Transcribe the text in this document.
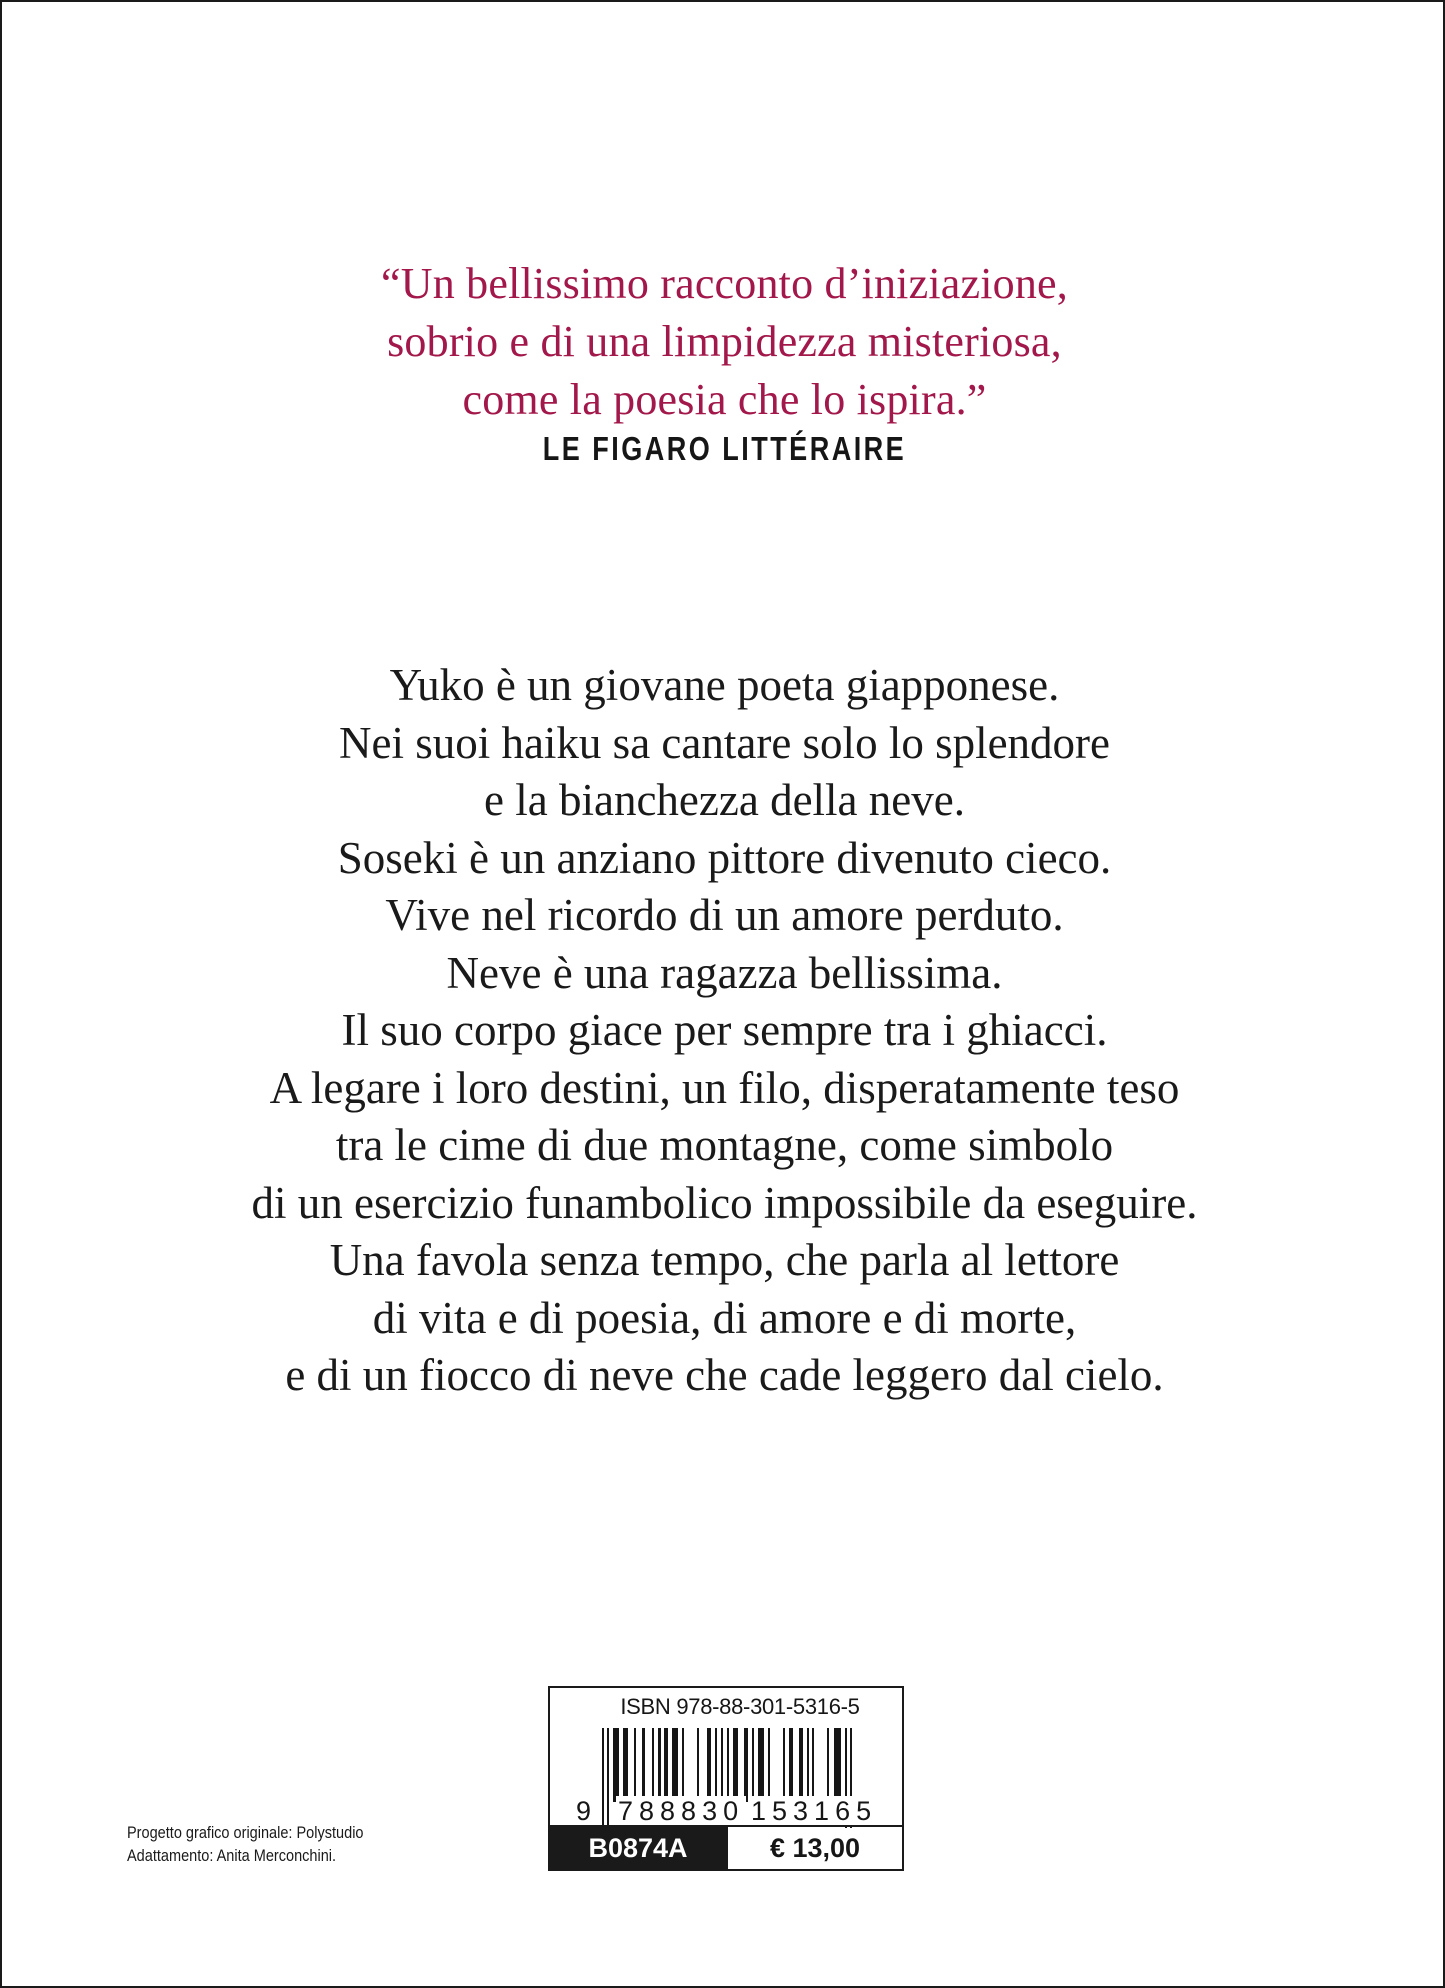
“Un bellissimo racconto d’iniziazione,
sobrio e di una limpidezza misteriosa,
come la poesia che lo ispira.”
LE FIGARO LITTÉRAIRE
Yuko è un giovane poeta giapponese.
Nei suoi haiku sa cantare solo lo splendore
e la bianchezza della neve.
Soseki è un anziano pittore divenuto cieco.
Vive nel ricordo di un amore perduto.
Neve è una ragazza bellissima.
Il suo corpo giace per sempre tra i ghiacci.
A legare i loro destini, un filo, disperatamente teso
tra le cime di due montagne, come simbolo
di un esercizio funambolico impossibile da eseguire.
Una favola senza tempo, che parla al lettore
di vita e di poesia, di amore e di morte,
e di un fiocco di neve che cade leggero dal cielo.
Progetto grafico originale: Polystudio
Adattamento: Anita Merconchini.
ISBN 978-88-301-5316-5
9 788830 153165
B0874A	€ 13,00
